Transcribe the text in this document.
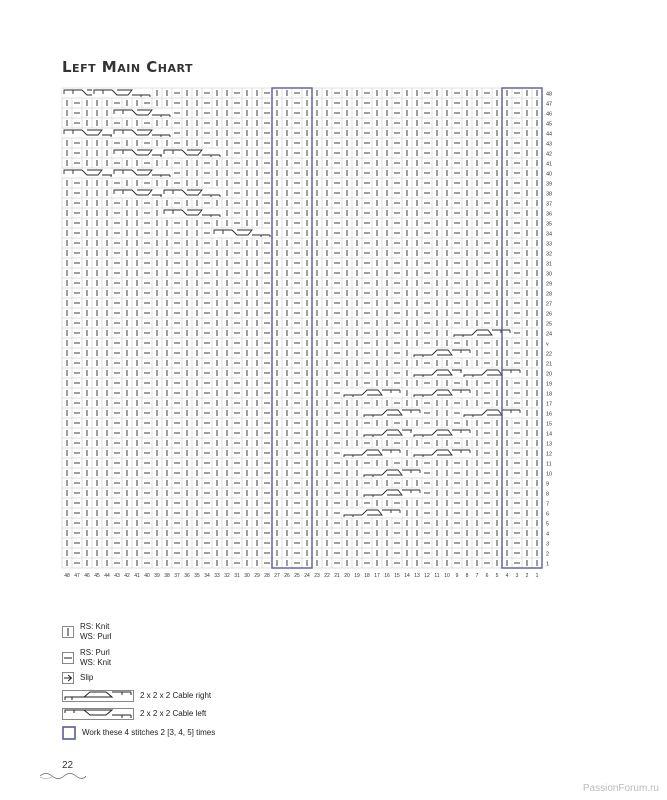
Left Main Chart
1
2
3
4
5
6
7
8
9
10
11
12
13
14
15
16
17
18
19
20
21
22
v
24
25
26
27
28
29
30
31
32
33
34
35
36
37
38
39
40
41
42
43
44
45
46
47
48
48 47 46 45 44 43 42 41 40 39 38 37 36 35 34 33 32 31 30 29 28 27 26 25 24 23 22 21 20 19 18 17 16 15 14 13 12 11 10 9 8 7 6 5 4 3 2 1
RS: Knit
WS: Purl
RS: Purl
WS: Knit
Slip
2 x 2 x 2 Cable right
2 x 2 x 2 Cable left
Work these 4 stitches 2 [3, 4, 5] times
22
PassionForum.ru
